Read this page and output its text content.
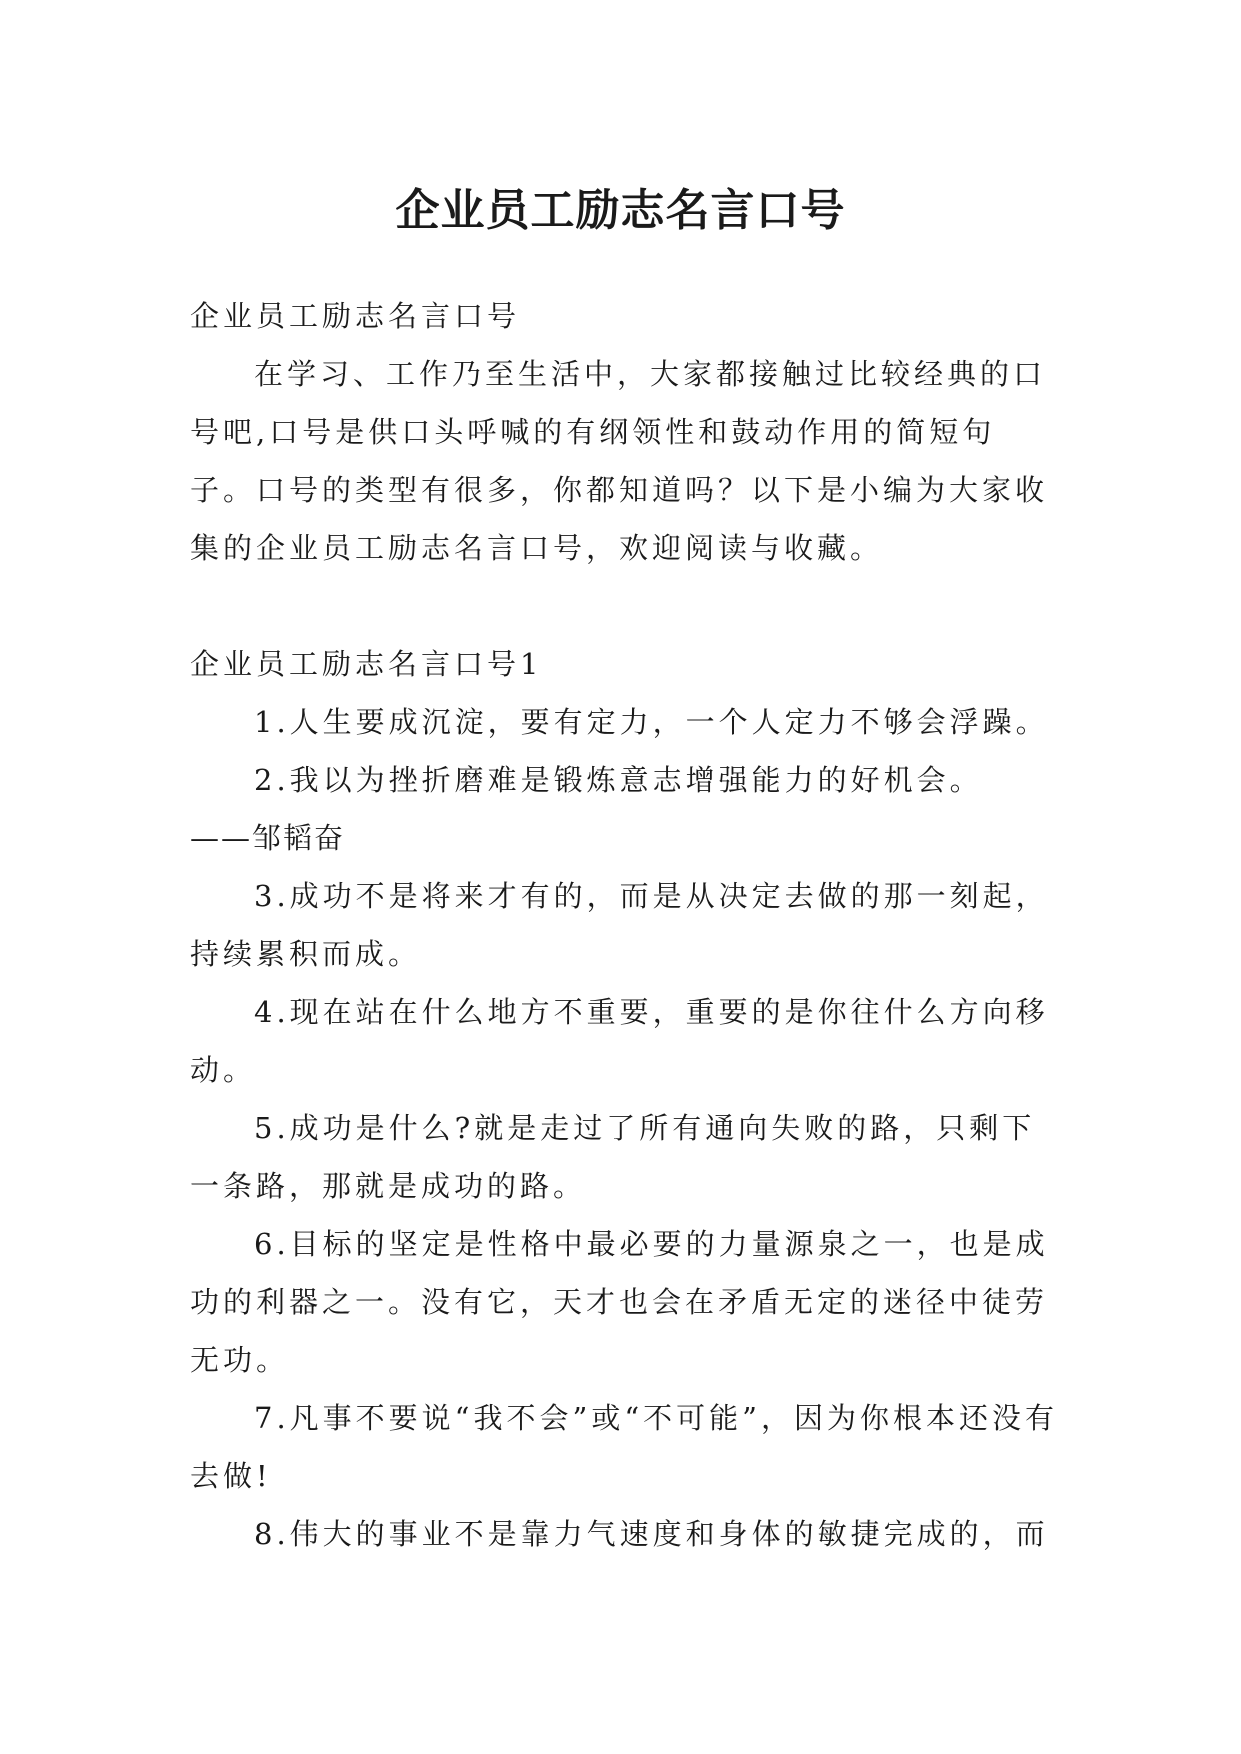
企业员工励志名言口号

企业员工励志名言口号

在学习、工作乃至生活中，大家都接触过比较经典的口号吧,口号是供口头呼喊的有纲领性和鼓动作用的简短句子。口号的类型有很多，你都知道吗？以下是小编为大家收集的企业员工励志名言口号，欢迎阅读与收藏。

企业员工励志名言口号1

1.人生要成沉淀，要有定力，一个人定力不够会浮躁。

2.我以为挫折磨难是锻炼意志增强能力的好机会。

——邹韬奋

3.成功不是将来才有的，而是从决定去做的那一刻起，持续累积而成。

4.现在站在什么地方不重要，重要的是你往什么方向移动。

5.成功是什么?就是走过了所有通向失败的路，只剩下一条路，那就是成功的路。

6.目标的坚定是性格中最必要的力量源泉之一，也是成功的利器之一。没有它，天才也会在矛盾无定的迷径中徒劳无功。

7.凡事不要说“我不会”或“不可能”，因为你根本还没有去做!

8.伟大的事业不是靠力气速度和身体的敏捷完成的，而
